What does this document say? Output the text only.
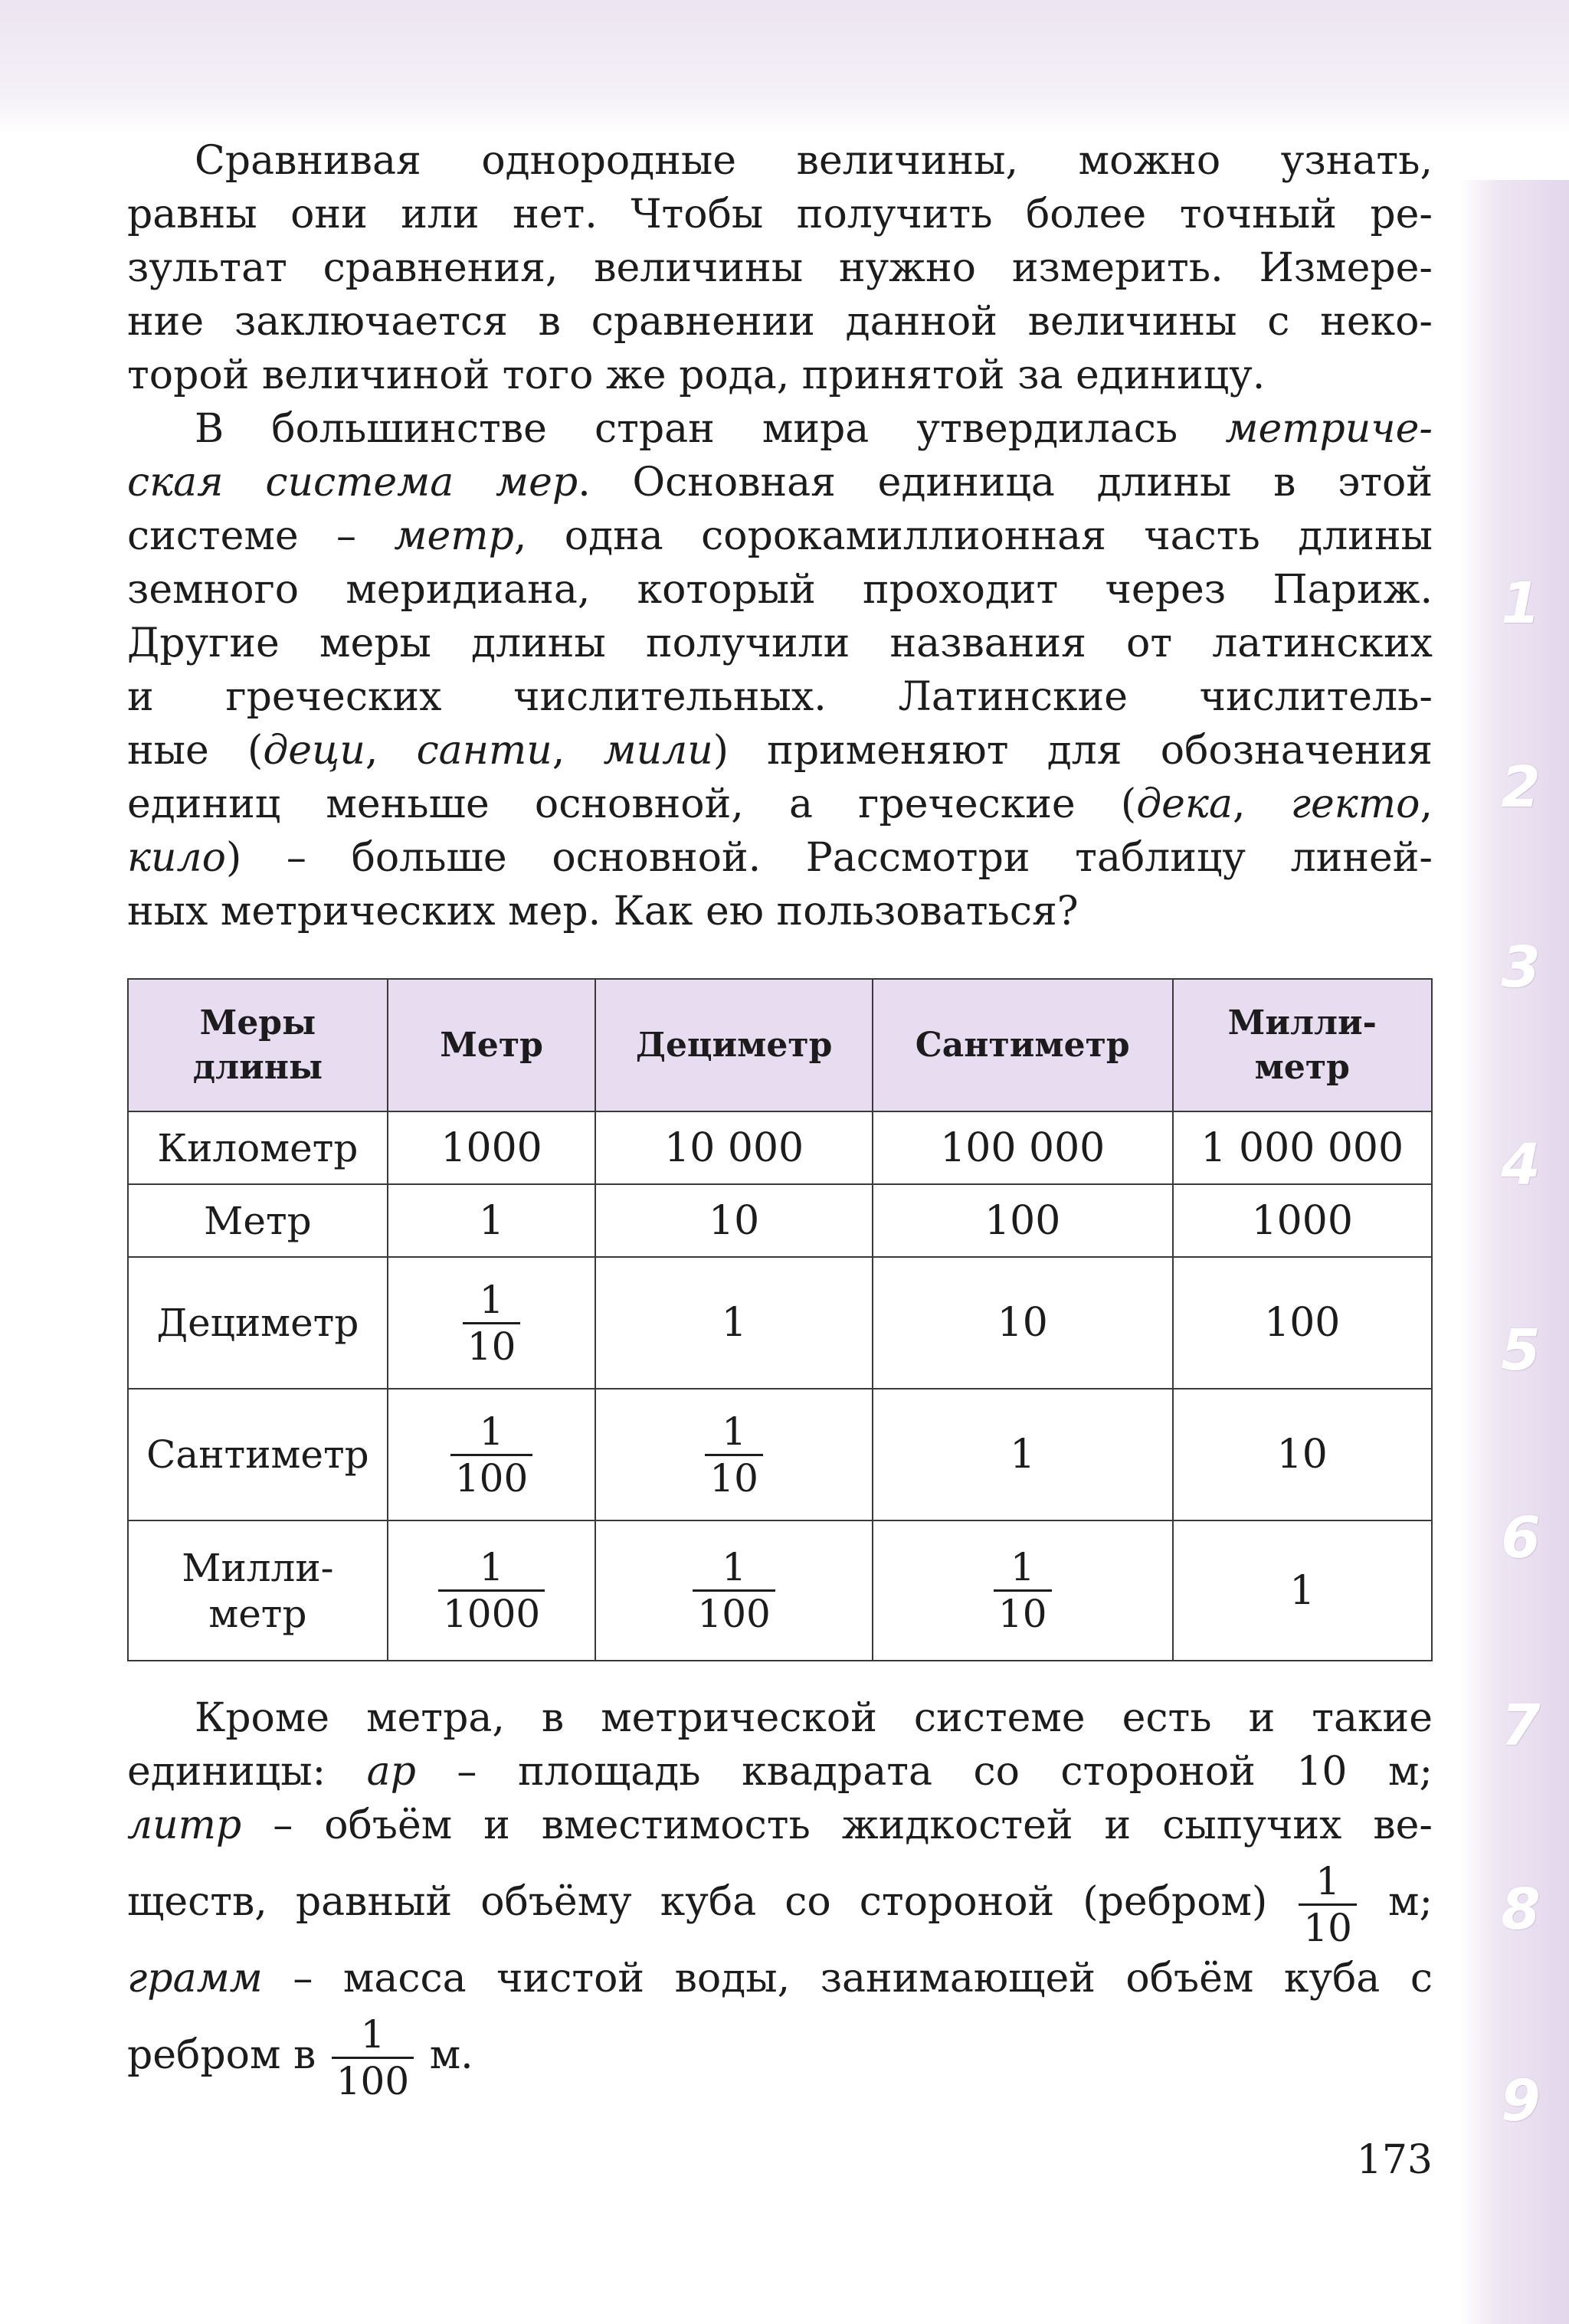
1
2
3
4
5
6
7
8
9

Сравнивая однородные величины, можно узнать,

равны они или нет. Чтобы получить более точный ре-

зультат сравнения, величины нужно измерить. Измере-

ние заключается в сравнении данной величины с неко-

торой величиной того же рода, принятой за единицу.

В большинстве стран мира утвердилась метриче-

ская система мер. Основная единица длины в этой

системе – метр, одна сорокамиллионная часть длины

земного меридиана, который проходит через Париж.

Другие меры длины получили названия от латинских

и греческих числительных. Латинские числитель-

ные (деци, санти, мили) применяют для обозначения

единиц меньше основной, а греческие (дека, гекто,

кило) – больше основной. Рассмотри таблицу линей-

ных метрических мер. Как ею пользоваться?

Меры
длины	Метр	Дециметр	Сантиметр	Милли-
метр
Километр	1000	10 000	100 000	1 000 000
Метр	1	10	100	1000
Дециметр	$\frac{1}{10}$	1	10	100
Сантиметр	$\frac{1}{100}$	$\frac{1}{10}$	1	10
Милли-
метр	$\frac{1}{1000}$	$\frac{1}{100}$	$\frac{1}{10}$	1

Кроме метра, в метрической системе есть и такие

единицы: ар – площадь квадрата со стороной 10 м;

литр – объём и вместимость жидкостей и сыпучих ве-

ществ, равный объёму куба со стороной (ребром) $\frac{1}{10} м$;

грамм – масса чистой воды, занимающей объём куба с

ребром в $\frac{1}{100} м$.

173
